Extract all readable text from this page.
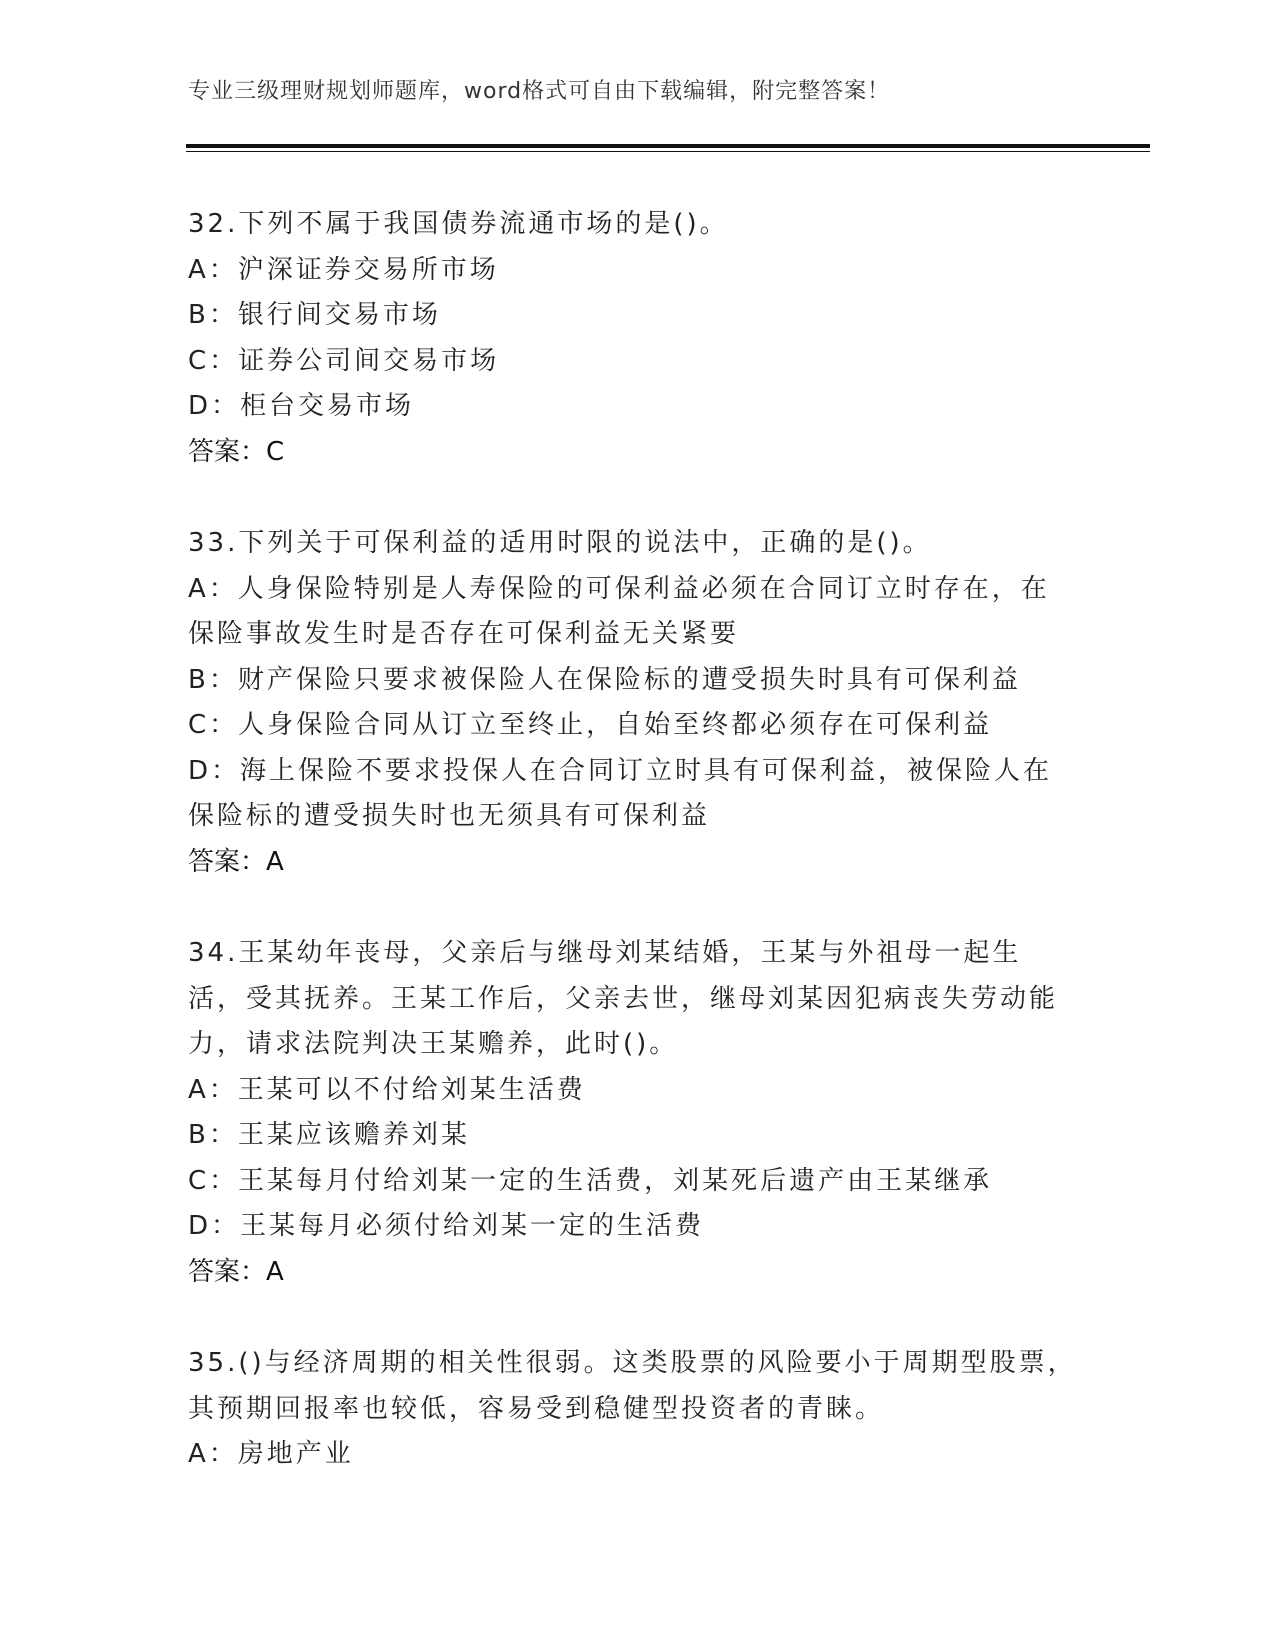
专业三级理财规划师题库，word格式可自由下载编辑，附完整答案！
32.下列不属于我国债券流通市场的是()。
A：沪深证券交易所市场
B：银行间交易市场
C：证券公司间交易市场
D：柜台交易市场
答案：C
33.下列关于可保利益的适用时限的说法中，正确的是()。
A：人身保险特别是人寿保险的可保利益必须在合同订立时存在，在保险事故发生时是否存在可保利益无关紧要
B：财产保险只要求被保险人在保险标的遭受损失时具有可保利益
C：人身保险合同从订立至终止，自始至终都必须存在可保利益
D：海上保险不要求投保人在合同订立时具有可保利益，被保险人在保险标的遭受损失时也无须具有可保利益
答案：A
34.王某幼年丧母，父亲后与继母刘某结婚，王某与外祖母一起生活，受其抚养。王某工作后，父亲去世，继母刘某因犯病丧失劳动能力，请求法院判决王某赡养，此时()。
A：王某可以不付给刘某生活费
B：王某应该赡养刘某
C：王某每月付给刘某一定的生活费，刘某死后遗产由王某继承
D：王某每月必须付给刘某一定的生活费
答案：A
35.()与经济周期的相关性很弱。这类股票的风险要小于周期型股票，其预期回报率也较低，容易受到稳健型投资者的青睐。
A：房地产业
